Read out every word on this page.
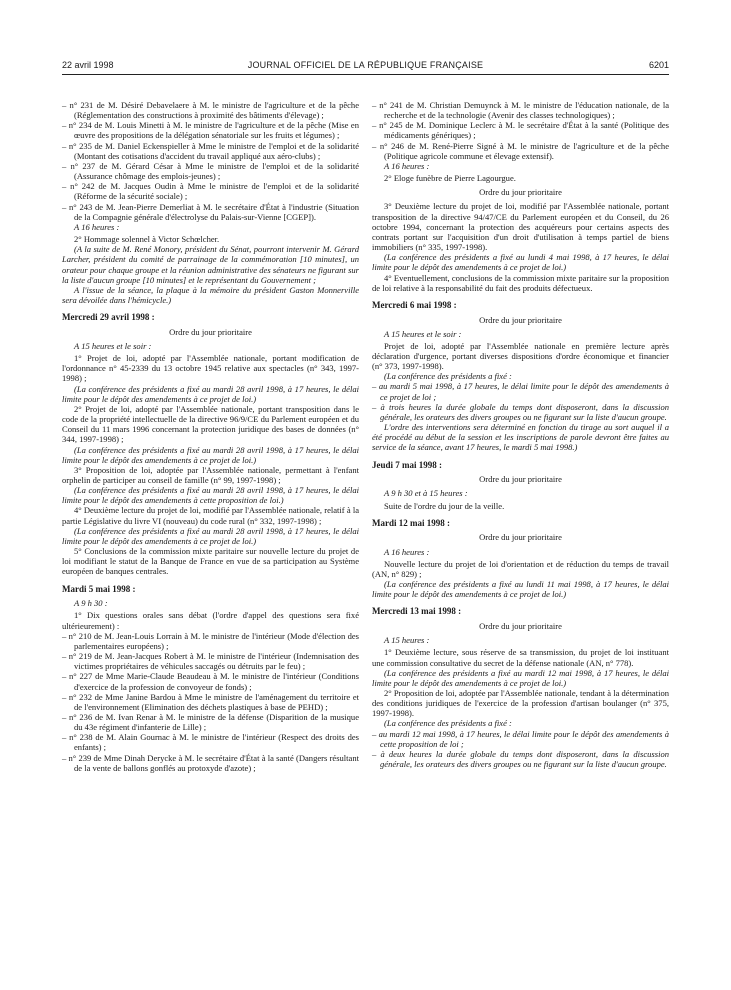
22 avril 1998	JOURNAL OFFICIEL DE LA RÉPUBLIQUE FRANÇAISE	6201

– n° 231 de M. Désiré Debavelaere à M. le ministre de l'agriculture et de la pêche (Réglementation des constructions à proximité des bâtiments d'élevage) ;

– n° 234 de M. Louis Minetti à M. le ministre de l'agriculture et de la pêche (Mise en œuvre des propositions de la délégation sénatoriale sur les fruits et légumes) ;

– n° 235 de M. Daniel Eckenspieller à Mme le ministre de l'emploi et de la solidarité (Montant des cotisations d'accident du travail appliqué aux aéro-clubs) ;

– n° 237 de M. Gérard César à Mme le ministre de l'emploi et de la solidarité (Assurance chômage des emplois-jeunes) ;

– n° 242 de M. Jacques Oudin à Mme le ministre de l'emploi et de la solidarité (Réforme de la sécurité sociale) ;

– n° 243 de M. Jean-Pierre Demerliat à M. le secrétaire d'État à l'industrie (Situation de la Compagnie générale d'électrolyse du Palais-sur-Vienne [CGEP]).

A 16 heures :

2° Hommage solennel à Victor Schœlcher.

(A la suite de M. René Monory, président du Sénat, pourront intervenir M. Gérard Larcher, président du comité de parrainage de la commémoration [10 minutes], un orateur pour chaque groupe et la réunion administrative des sénateurs ne figurant sur la liste d'aucun groupe [10 minutes] et le représentant du Gouvernement ;

A l'issue de la séance, la plaque à la mémoire du président Gaston Monnerville sera dévoilée dans l'hémicycle.)

Mercredi 29 avril 1998 :

Ordre du jour prioritaire

A 15 heures et le soir :

1° Projet de loi, adopté par l'Assemblée nationale, portant modification de l'ordonnance n° 45-2339 du 13 octobre 1945 relative aux spectacles (n° 343, 1997-1998) ;

(La conférence des présidents a fixé au mardi 28 avril 1998, à 17 heures, le délai limite pour le dépôt des amendements à ce projet de loi.)

2° Projet de loi, adopté par l'Assemblée nationale, portant transposition dans le code de la propriété intellectuelle de la directive 96/9/CE du Parlement européen et du Conseil du 11 mars 1996 concernant la protection juridique des bases de données (n° 344, 1997-1998) ;

(La conférence des présidents a fixé au mardi 28 avril 1998, à 17 heures, le délai limite pour le dépôt des amendements à ce projet de loi.)

3° Proposition de loi, adoptée par l'Assemblée nationale, permettant à l'enfant orphelin de participer au conseil de famille (n° 99, 1997-1998) ;

(La conférence des présidents a fixé au mardi 28 avril 1998, à 17 heures, le délai limite pour le dépôt des amendements à cette proposition de loi.)

4° Deuxième lecture du projet de loi, modifié par l'Assemblée nationale, relatif à la partie Législative du livre VI (nouveau) du code rural (n° 332, 1997-1998) ;

(La conférence des présidents a fixé au mardi 28 avril 1998, à 17 heures, le délai limite pour le dépôt des amendements à ce projet de loi.)

5° Conclusions de la commission mixte paritaire sur nouvelle lecture du projet de loi modifiant le statut de la Banque de France en vue de sa participation au Système européen de banques centrales.

Mardi 5 mai 1998 :

A 9 h 30 :

1° Dix questions orales sans débat (l'ordre d'appel des questions sera fixé ultérieurement) :

– n° 210 de M. Jean-Louis Lorrain à M. le ministre de l'intérieur (Mode d'élection des parlementaires européens) ;

– n° 219 de M. Jean-Jacques Robert à M. le ministre de l'intérieur (Indemnisation des victimes propriétaires de véhicules saccagés ou détruits par le feu) ;

– n° 227 de Mme Marie-Claude Beaudeau à M. le ministre de l'intérieur (Conditions d'exercice de la profession de convoyeur de fonds) ;

– n° 232 de Mme Janine Bardou à Mme le ministre de l'aménagement du territoire et de l'environnement (Elimination des déchets plastiques à base de PEHD) ;

– n° 236 de M. Ivan Renar à M. le ministre de la défense (Disparition de la musique du 43e régiment d'infanterie de Lille) ;

– n° 238 de M. Alain Gournac à M. le ministre de l'intérieur (Respect des droits des enfants) ;

– n° 239 de Mme Dinah Derycke à M. le secrétaire d'État à la santé (Dangers résultant de la vente de ballons gonflés au protoxyde d'azote) ;

– n° 241 de M. Christian Demuynck à M. le ministre de l'éducation nationale, de la recherche et de la technologie (Avenir des classes technologiques) ;

– n° 245 de M. Dominique Leclerc à M. le secrétaire d'État à la santé (Politique des médicaments génériques) ;

– n° 246 de M. René-Pierre Signé à M. le ministre de l'agriculture et de la pêche (Politique agricole commune et élevage extensif).

A 16 heures :

2° Eloge funèbre de Pierre Lagourgue.

Ordre du jour prioritaire

3° Deuxième lecture du projet de loi, modifié par l'Assemblée nationale, portant transposition de la directive 94/47/CE du Parlement européen et du Conseil, du 26 octobre 1994, concernant la protection des acquéreurs pour certains aspects des contrats portant sur l'acquisition d'un droit d'utilisation à temps partiel de biens immobiliers (n° 335, 1997-1998).

(La conférence des présidents a fixé au lundi 4 mai 1998, à 17 heures, le délai limite pour le dépôt des amendements à ce projet de loi.)

4° Eventuellement, conclusions de la commission mixte paritaire sur la proposition de loi relative à la responsabilité du fait des produits défectueux.

Mercredi 6 mai 1998 :

Ordre du jour prioritaire

A 15 heures et le soir :

Projet de loi, adopté par l'Assemblée nationale en première lecture après déclaration d'urgence, portant diverses dispositions d'ordre économique et financier (n° 373, 1997-1998).

(La conférence des présidents a fixé :

– au mardi 5 mai 1998, à 17 heures, le délai limite pour le dépôt des amendements à ce projet de loi ;

– à trois heures la durée globale du temps dont disposeront, dans la discussion générale, les orateurs des divers groupes ou ne figurant sur la liste d'aucun groupe.

L'ordre des interventions sera déterminé en fonction du tirage au sort auquel il a été procédé au début de la session et les inscriptions de parole devront être faites au service de la séance, avant 17 heures, le mardi 5 mai 1998.)

Jeudi 7 mai 1998 :

Ordre du jour prioritaire

A 9 h 30 et à 15 heures :

Suite de l'ordre du jour de la veille.

Mardi 12 mai 1998 :

Ordre du jour prioritaire

A 16 heures :

Nouvelle lecture du projet de loi d'orientation et de réduction du temps de travail (AN, n° 829) ;

(La conférence des présidents a fixé au lundi 11 mai 1998, à 17 heures, le délai limite pour le dépôt des amendements à ce projet de loi.)

Mercredi 13 mai 1998 :

Ordre du jour prioritaire

A 15 heures :

1° Deuxième lecture, sous réserve de sa transmission, du projet de loi instituant une commission consultative du secret de la défense nationale (AN, n° 778).

(La conférence des présidents a fixé au mardi 12 mai 1998, à 17 heures, le délai limite pour le dépôt des amendements à ce projet de loi.)

2° Proposition de loi, adoptée par l'Assemblée nationale, tendant à la détermination des conditions juridiques de l'exercice de la profession d'artisan boulanger (n° 375, 1997-1998).

(La conférence des présidents a fixé :

– au mardi 12 mai 1998, à 17 heures, le délai limite pour le dépôt des amendements à cette proposition de loi ;

– à deux heures la durée globale du temps dont disposeront, dans la discussion générale, les orateurs des divers groupes ou ne figurant sur la liste d'aucun groupe.
